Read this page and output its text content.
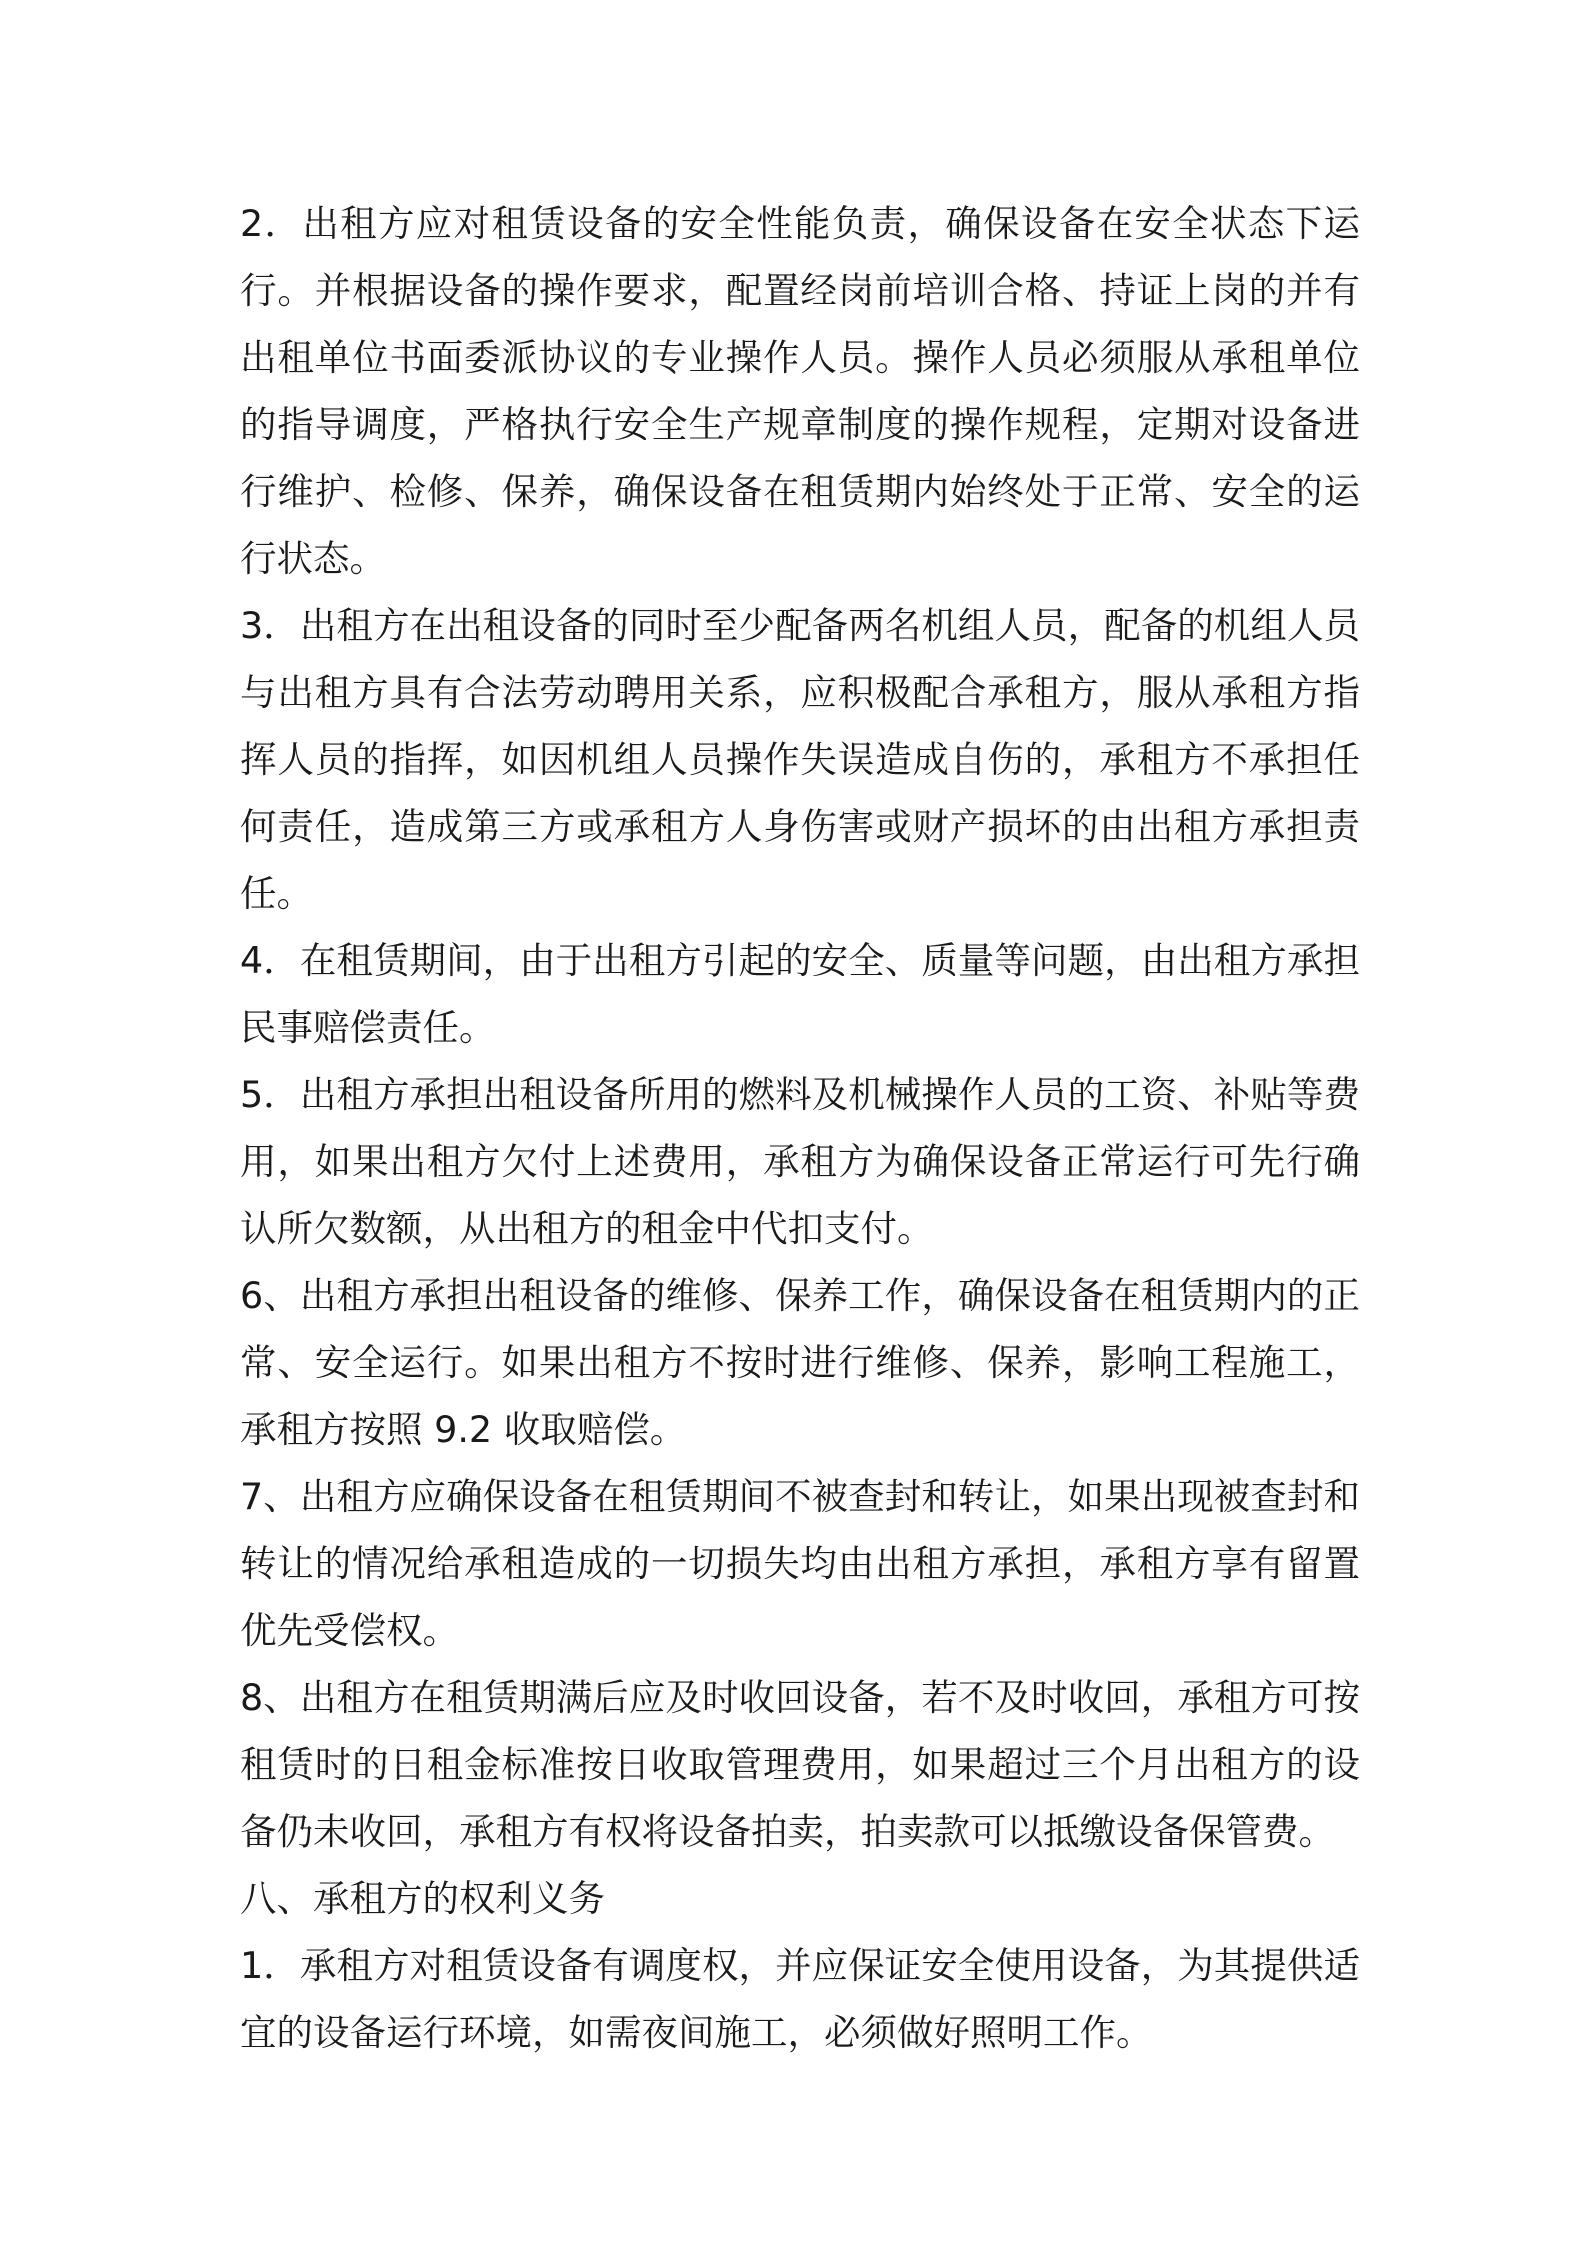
2．出租方应对租赁设备的安全性能负责，确保设备在安全状态下运行。并根据设备的操作要求，配置经岗前培训合格、持证上岗的并有出租单位书面委派协议的专业操作人员。操作人员必须服从承租单位的指导调度，严格执行安全生产规章制度的操作规程，定期对设备进行维护、检修、保养，确保设备在租赁期内始终处于正常、安全的运行状态。

3．出租方在出租设备的同时至少配备两名机组人员，配备的机组人员与出租方具有合法劳动聘用关系，应积极配合承租方，服从承租方指挥人员的指挥，如因机组人员操作失误造成自伤的，承租方不承担任何责任，造成第三方或承租方人身伤害或财产损坏的由出租方承担责任。

4．在租赁期间，由于出租方引起的安全、质量等问题，由出租方承担民事赔偿责任。

5．出租方承担出租设备所用的燃料及机械操作人员的工资、补贴等费用，如果出租方欠付上述费用，承租方为确保设备正常运行可先行确认所欠数额，从出租方的租金中代扣支付。

6、出租方承担出租设备的维修、保养工作，确保设备在租赁期内的正常、安全运行。如果出租方不按时进行维修、保养，影响工程施工，承租方按照 9.2 收取赔偿。

7、出租方应确保设备在租赁期间不被查封和转让，如果出现被查封和转让的情况给承租造成的一切损失均由出租方承担，承租方享有留置优先受偿权。

8、出租方在租赁期满后应及时收回设备，若不及时收回，承租方可按租赁时的日租金标准按日收取管理费用，如果超过三个月出租方的设备仍未收回，承租方有权将设备拍卖，拍卖款可以抵缴设备保管费。

八、承租方的权利义务

1．承租方对租赁设备有调度权，并应保证安全使用设备，为其提供适宜的设备运行环境，如需夜间施工，必须做好照明工作。
